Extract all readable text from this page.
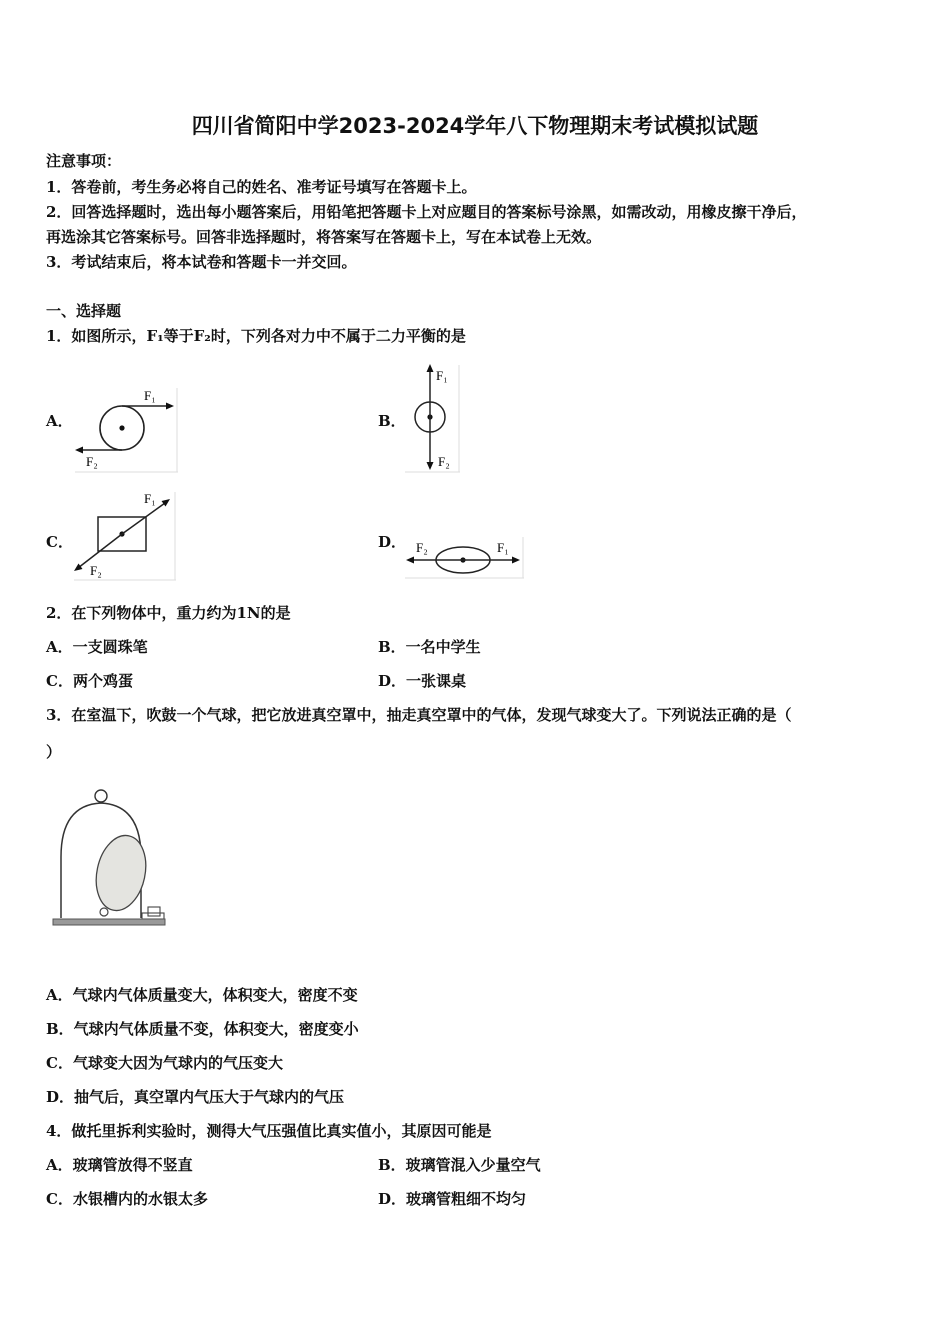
四川省简阳中学2023-2024学年八下物理期末考试模拟试题
注意事项：
1．答卷前，考生务必将自己的姓名、准考证号填写在答题卡上。
2．回答选择题时，选出每小题答案后，用铅笔把答题卡上对应题目的答案标号涂黑，如需改动，用橡皮擦干净后，
再选涂其它答案标号。回答非选择题时，将答案写在答题卡上，写在本试卷上无效。
3．考试结束后，将本试卷和答题卡一并交回。
一、选择题
1．如图所示，F₁等于F₂时，下列各对力中不属于二力平衡的是
A．	B．
C．	D．
F₁
F₂
F₁
F₂
F₁
F₂
F₂	F₁
2．在下列物体中，重力约为1N的是
A．一支圆珠笔	B．一名中学生
C．两个鸡蛋	D．一张课桌
3．在室温下，吹鼓一个气球，把它放进真空罩中，抽走真空罩中的气体，发现气球变大了。下列说法正确的是（
）
A．气球内气体质量变大，体积变大，密度不变
B．气球内气体质量不变，体积变大，密度变小
C．气球变大因为气球内的气压变大
D．抽气后，真空罩内气压大于气球内的气压
4．做托里拆利实验时，测得大气压强值比真实值小，其原因可能是
A．玻璃管放得不竖直	B．玻璃管混入少量空气
C．水银槽内的水银太多	D．玻璃管粗细不均匀
